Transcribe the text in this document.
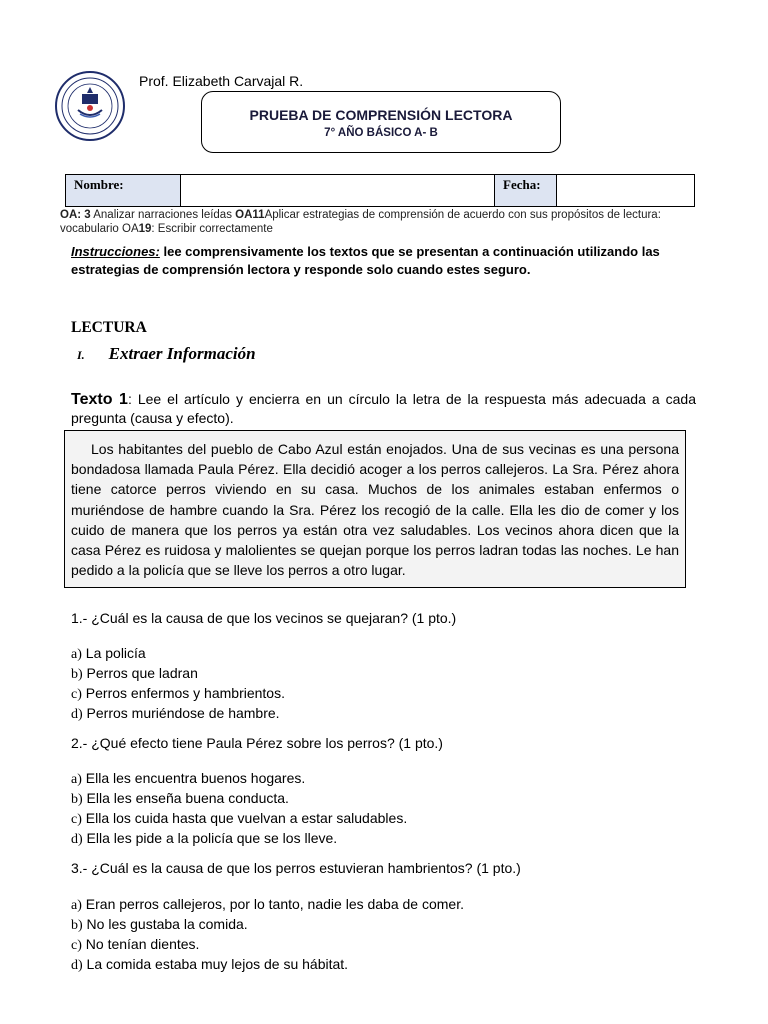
Prof. Elizabeth Carvajal R.
PRUEBA DE COMPRENSIÓN LECTORA
7° AÑO BÁSICO A- B
Nombre:		Fecha:	
OA: 3 Analizar narraciones leídas OA11Aplicar estrategias de comprensión de acuerdo con sus propósitos de lectura: vocabulario OA19: Escribir correctamente
Instrucciones: lee comprensivamente los textos que se presentan a continuación utilizando las estrategias de comprensión lectora y responde solo cuando estes seguro.
LECTURA
I. Extraer Información
Texto 1: Lee el artículo y encierra en un círculo la letra de la respuesta más adecuada a cada pregunta (causa y efecto).
Los habitantes del pueblo de Cabo Azul están enojados. Una de sus vecinas es una persona bondadosa llamada Paula Pérez. Ella decidió acoger a los perros callejeros. La Sra. Pérez ahora tiene catorce perros viviendo en su casa. Muchos de los animales estaban enfermos o muriéndose de hambre cuando la Sra. Pérez los recogió de la calle. Ella les dio de comer y los cuido de manera que los perros ya están otra vez saludables. Los vecinos ahora dicen que la casa Pérez es ruidosa y malolientes se quejan porque los perros ladran todas las noches. Le han pedido a la policía que se lleve los perros a otro lugar.
1.- ¿Cuál es la causa de que los vecinos se quejaran? (1 pto.)
a) La policía
b) Perros que ladran
c) Perros enfermos y hambrientos.
d) Perros muriéndose de hambre.
2.- ¿Qué efecto tiene Paula Pérez sobre los perros? (1 pto.)
a) Ella les encuentra buenos hogares.
b) Ella les enseña buena conducta.
c) Ella los cuida hasta que vuelvan a estar saludables.
d) Ella les pide a la policía que se los lleve.
3.- ¿Cuál es la causa de que los perros estuvieran hambrientos? (1 pto.)
a) Eran perros callejeros, por lo tanto, nadie les daba de comer.
b) No les gustaba la comida.
c) No tenían dientes.
d) La comida estaba muy lejos de su hábitat.
